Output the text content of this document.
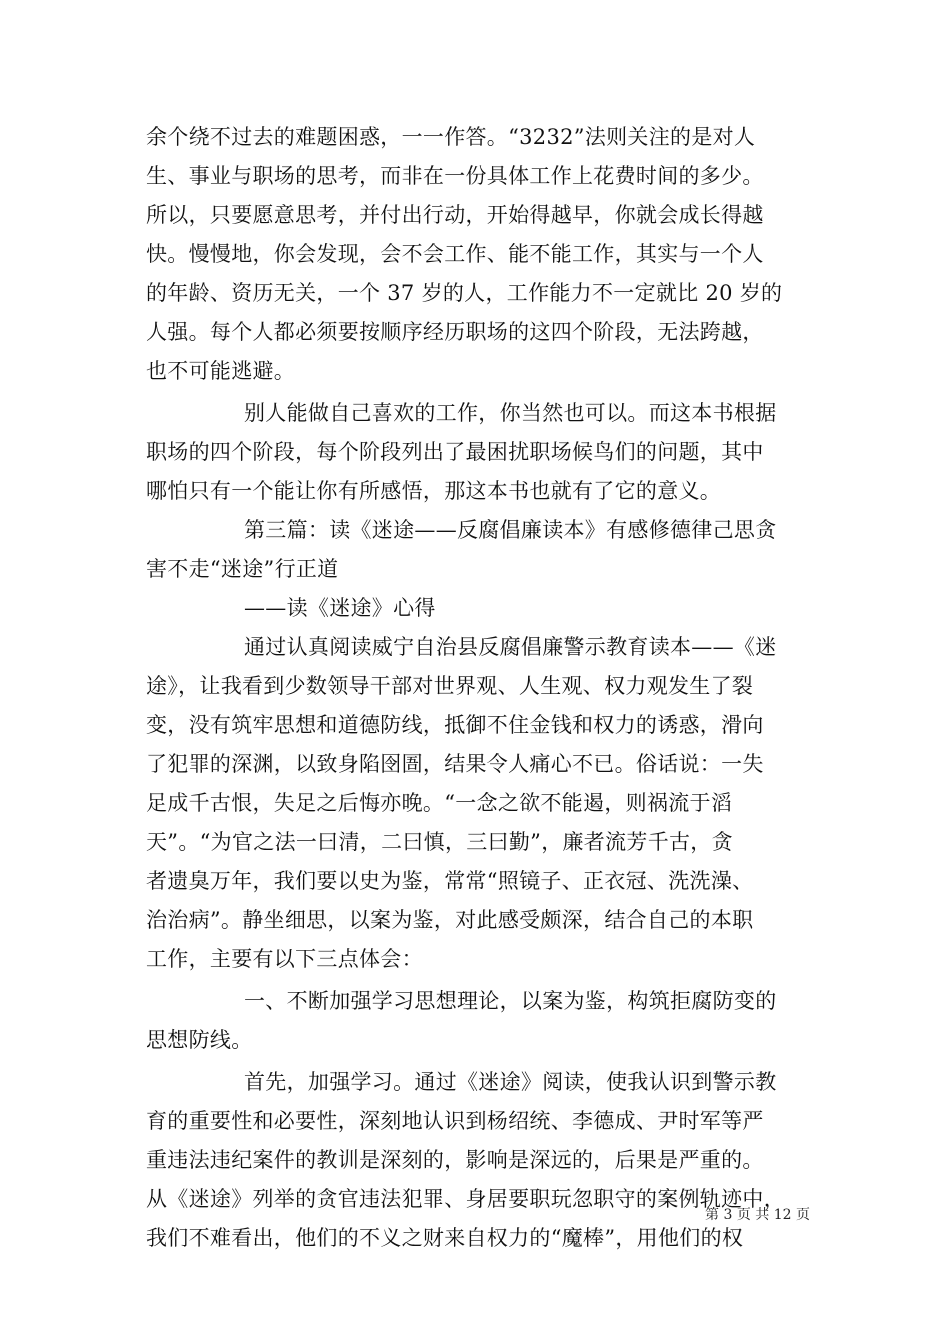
余个绕不过去的难题困惑，一一作答。“3232”法则关注的是对人
生、事业与职场的思考，而非在一份具体工作上花费时间的多少。
所以，只要愿意思考，并付出行动，开始得越早，你就会成长得越
快。慢慢地，你会发现，会不会工作、能不能工作，其实与一个人
的年龄、资历无关，一个 37 岁的人，工作能力不一定就比 20 岁的
人强。每个人都必须要按顺序经历职场的这四个阶段，无法跨越，
也不可能逃避。
别人能做自己喜欢的工作，你当然也可以。而这本书根据
职场的四个阶段，每个阶段列出了最困扰职场候鸟们的问题，其中
哪怕只有一个能让你有所感悟，那这本书也就有了它的意义。
第三篇：读《迷途——反腐倡廉读本》有感修德律己思贪
害不走“迷途”行正道
——读《迷途》心得
通过认真阅读威宁自治县反腐倡廉警示教育读本——《迷
途》，让我看到少数领导干部对世界观、人生观、权力观发生了裂
变，没有筑牢思想和道德防线，抵御不住金钱和权力的诱惑，滑向
了犯罪的深渊，以致身陷囹圄，结果令人痛心不已。俗话说：一失
足成千古恨，失足之后悔亦晚。“一念之欲不能遏，则祸流于滔
天”。“为官之法一曰清，二曰慎，三曰勤”，廉者流芳千古，贪
者遗臭万年，我们要以史为鉴，常常“照镜子、正衣冠、洗洗澡、
治治病”。静坐细思，以案为鉴，对此感受颇深，结合自己的本职
工作，主要有以下三点体会：
一、不断加强学习思想理论，以案为鉴，构筑拒腐防变的
思想防线。
首先，加强学习。通过《迷途》阅读，使我认识到警示教
育的重要性和必要性，深刻地认识到杨绍统、李德成、尹时军等严
重违法违纪案件的教训是深刻的，影响是深远的，后果是严重的。
从《迷途》列举的贪官违法犯罪、身居要职玩忽职守的案例轨迹中，
我们不难看出，他们的不义之财来自权力的“魔棒”，用他们的权
第 3 页 共 12 页
